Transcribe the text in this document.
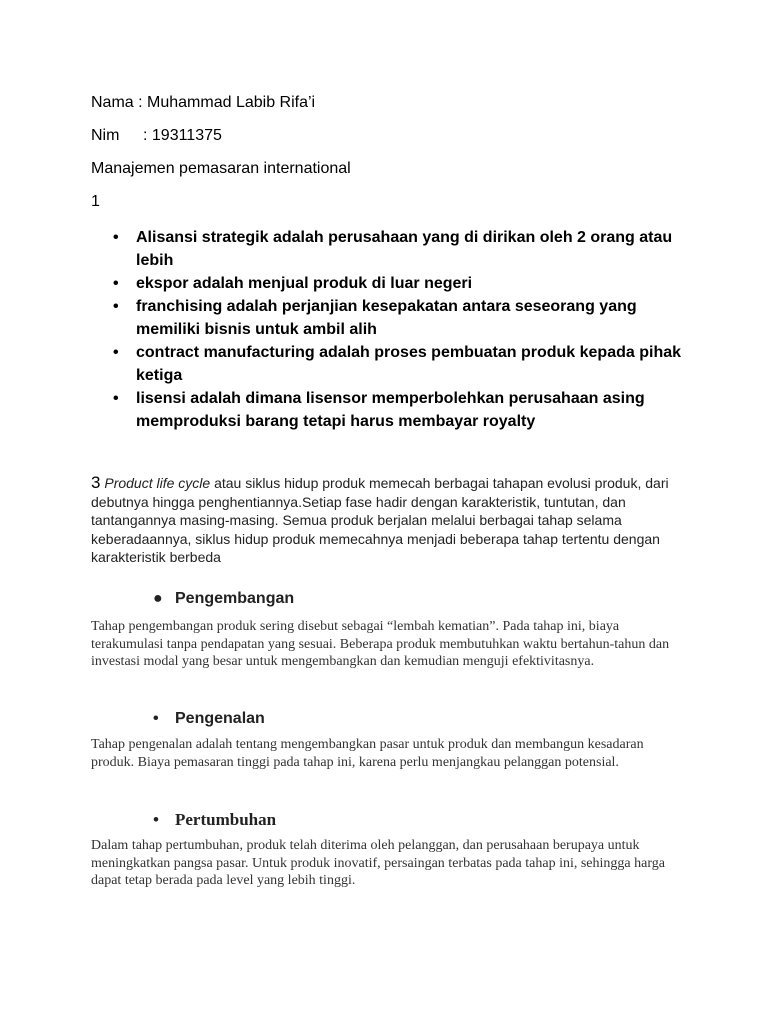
Nama : Muhammad Labib Rifa’i
Nim : 19311375
Manajemen pemasaran international
1
• Alisansi strategik adalah perusahaan yang di dirikan oleh 2 orang atau lebih
• ekspor adalah menjual produk di luar negeri
• franchising adalah perjanjian kesepakatan antara seseorang yang memiliki bisnis untuk ambil alih
• contract manufacturing adalah proses pembuatan produk kepada pihak ketiga
• lisensi adalah dimana lisensor memperbolehkan perusahaan asing memproduksi barang tetapi harus membayar royalty
3 Product life cycle atau siklus hidup produk memecah berbagai tahapan evolusi produk, dari debutnya hingga penghentiannya.Setiap fase hadir dengan karakteristik, tuntutan, dan tantangannya masing-masing. Semua produk berjalan melalui berbagai tahap selama keberadaannya, siklus hidup produk memecahnya menjadi beberapa tahap tertentu dengan karakteristik berbeda
● Pengembangan
Tahap pengembangan produk sering disebut sebagai “lembah kematian”. Pada tahap ini, biaya terakumulasi tanpa pendapatan yang sesuai. Beberapa produk membutuhkan waktu bertahun-tahun dan investasi modal yang besar untuk mengembangkan dan kemudian menguji efektivitasnya.
• Pengenalan
Tahap pengenalan adalah tentang mengembangkan pasar untuk produk dan membangun kesadaran produk. Biaya pemasaran tinggi pada tahap ini, karena perlu menjangkau pelanggan potensial.
• Pertumbuhan
Dalam tahap pertumbuhan, produk telah diterima oleh pelanggan, dan perusahaan berupaya untuk meningkatkan pangsa pasar. Untuk produk inovatif, persaingan terbatas pada tahap ini, sehingga harga dapat tetap berada pada level yang lebih tinggi.
